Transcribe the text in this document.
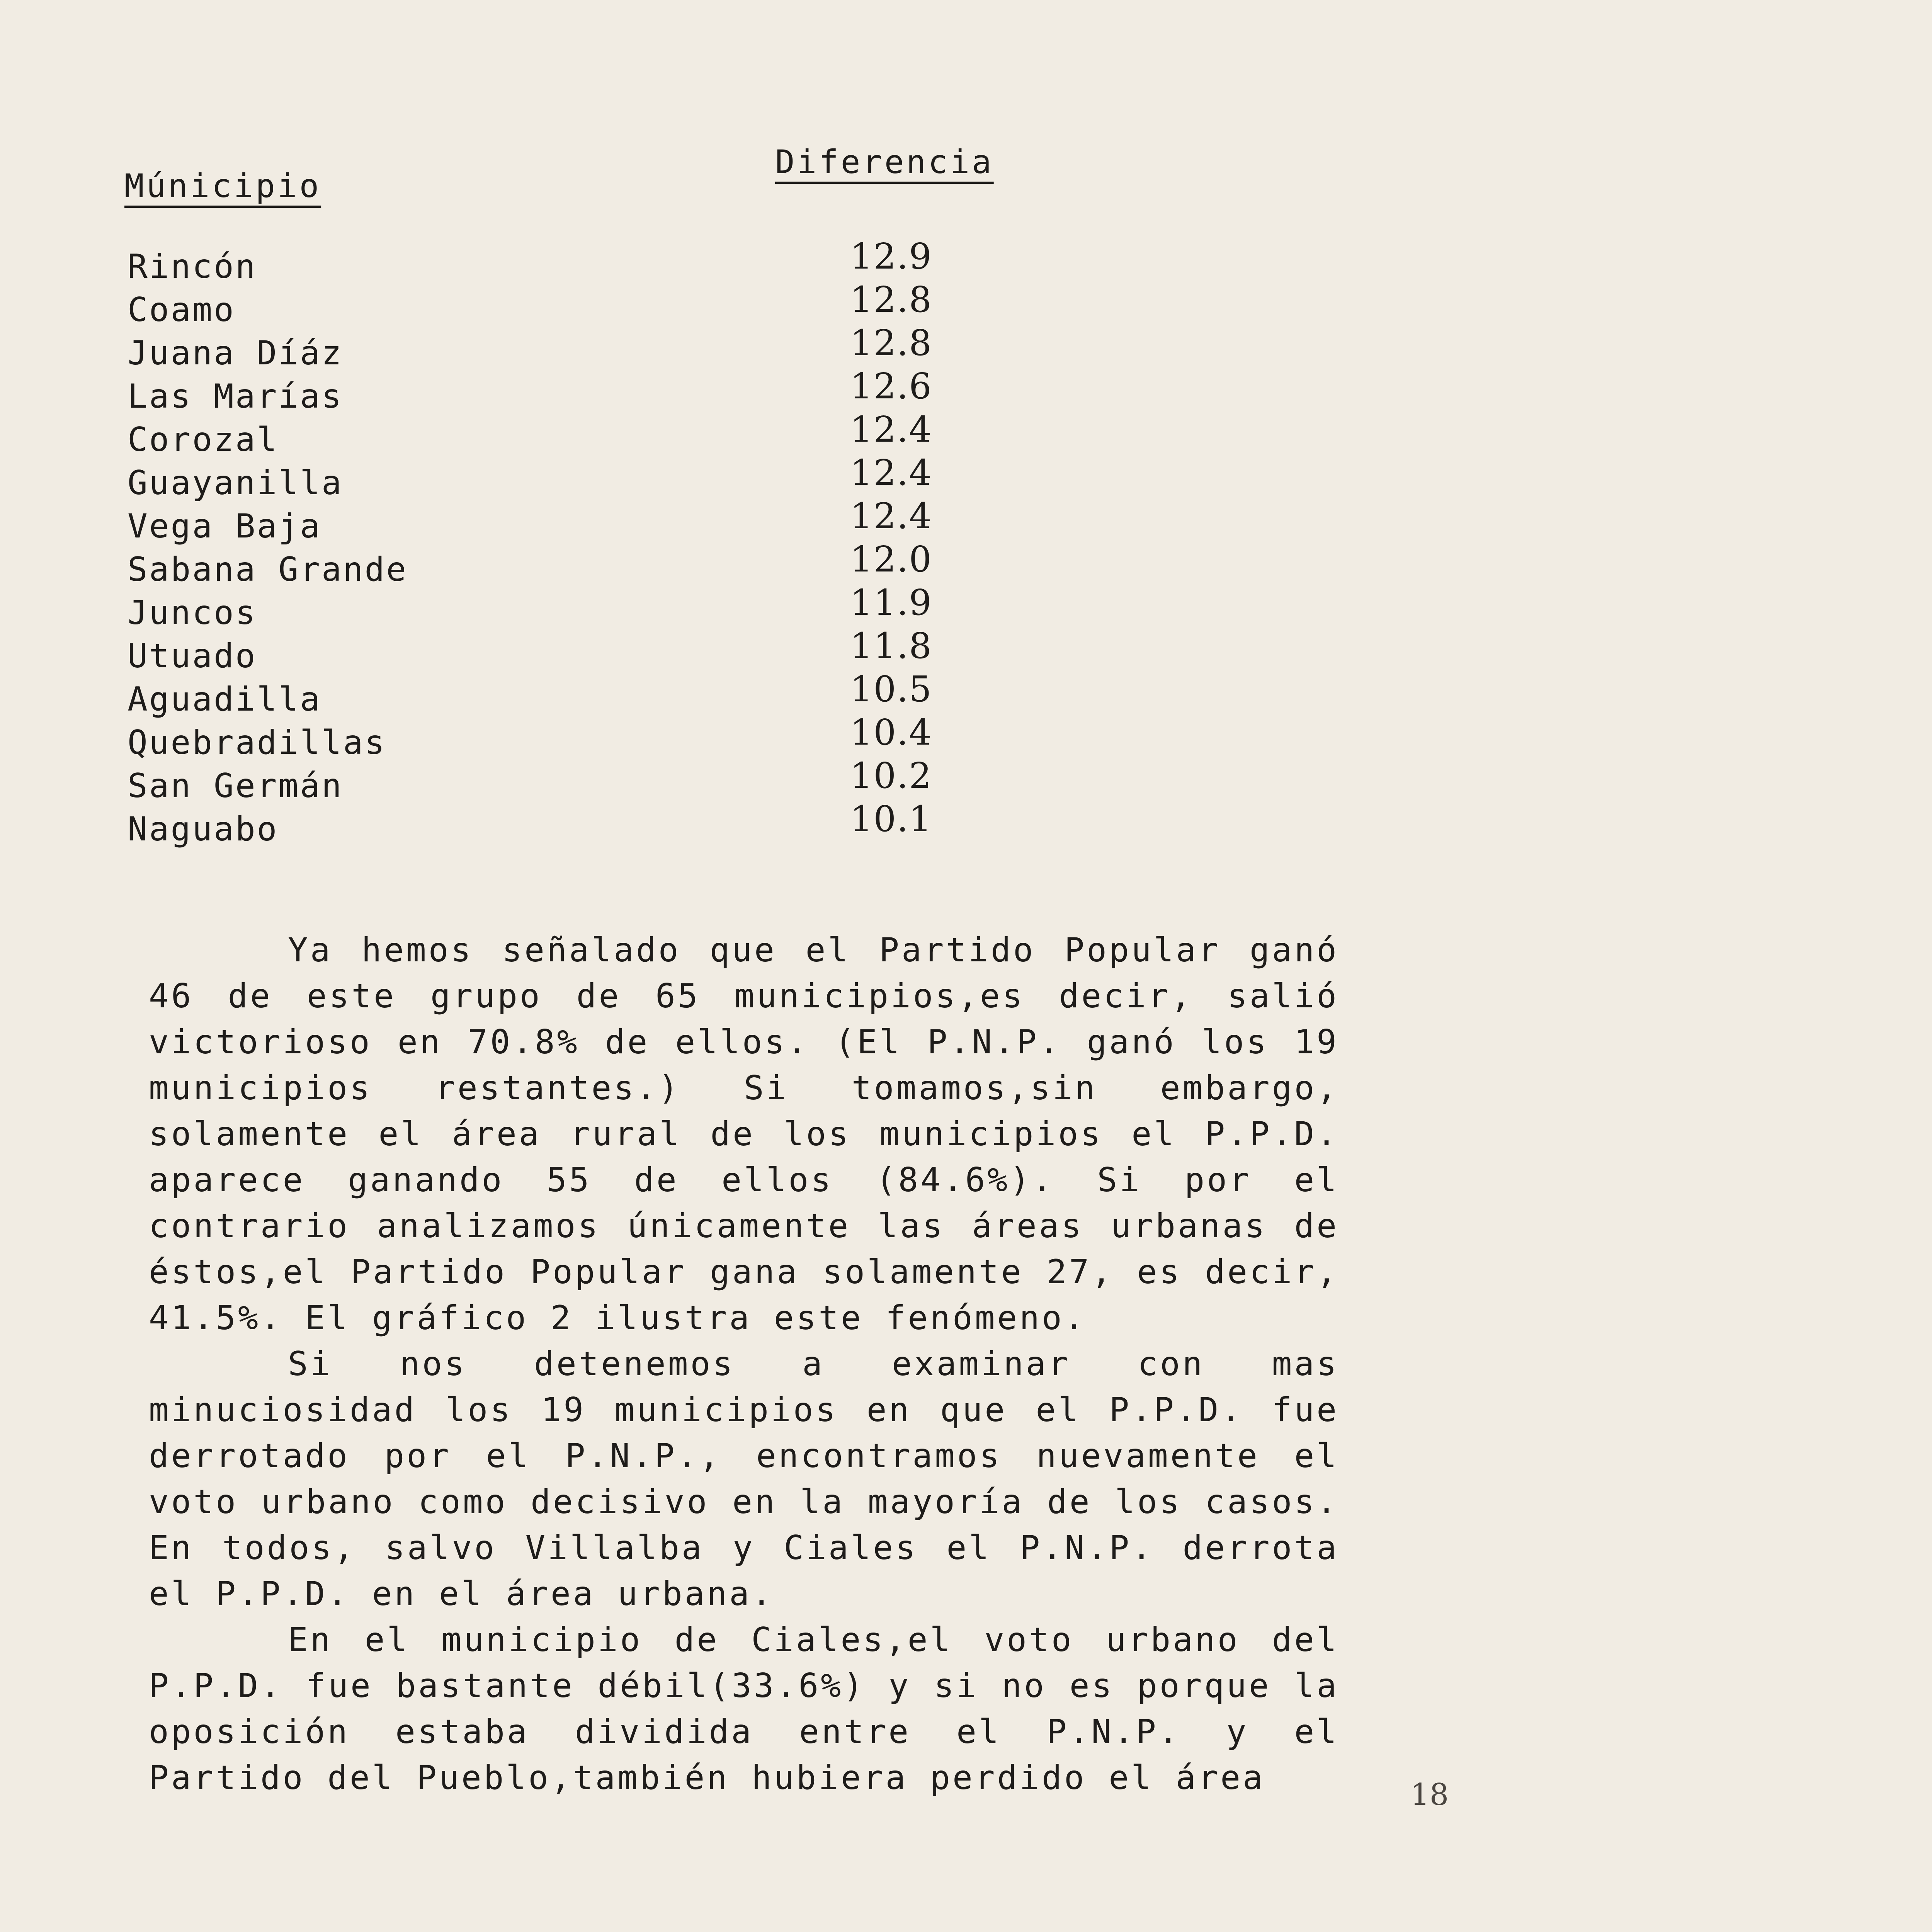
Múnicipio
Diferencia
Rincón	12.9
Coamo	12.8
Juana Díáz	12.8
Las Marías	12.6
Corozal	12.4
Guayanilla	12.4
Vega Baja	12.4
Sabana Grande	12.0
Juncos	11.9
Utuado	11.8
Aguadilla	10.5
Quebradillas	10.4
San Germán	10.2
Naguabo	10.1

Ya hemos señalado que el Partido Popular ganó 46 de este grupo de 65 municipios,es decir, salió victorioso en 70.8% de ellos. (El P.N.P. ganó los 19 municipios restantes.) Si tomamos,sin embargo, solamente el área rural de los municipios el P.P.D. aparece ganando 55 de ellos (84.6%). Si por el contrario analizamos únicamente las áreas urbanas de éstos,el Partido Popular gana solamente 27, es decir, 41.5%. El gráfico 2 ilustra este fenómeno.

Si nos detenemos a examinar con mas minuciosidad los 19 municipios en que el P.P.D. fue derrotado por el P.N.P., encontramos nuevamente el voto urbano como decisivo en la mayoría de los casos. En todos, salvo Villalba y Ciales el P.N.P. derrota el P.P.D. en el área urbana.

En el municipio de Ciales,el voto urbano del P.P.D. fue bastante débil(33.6%) y si no es porque la oposición estaba dividida entre el P.N.P. y el Partido del Pueblo,también hubiera perdido el área	18
